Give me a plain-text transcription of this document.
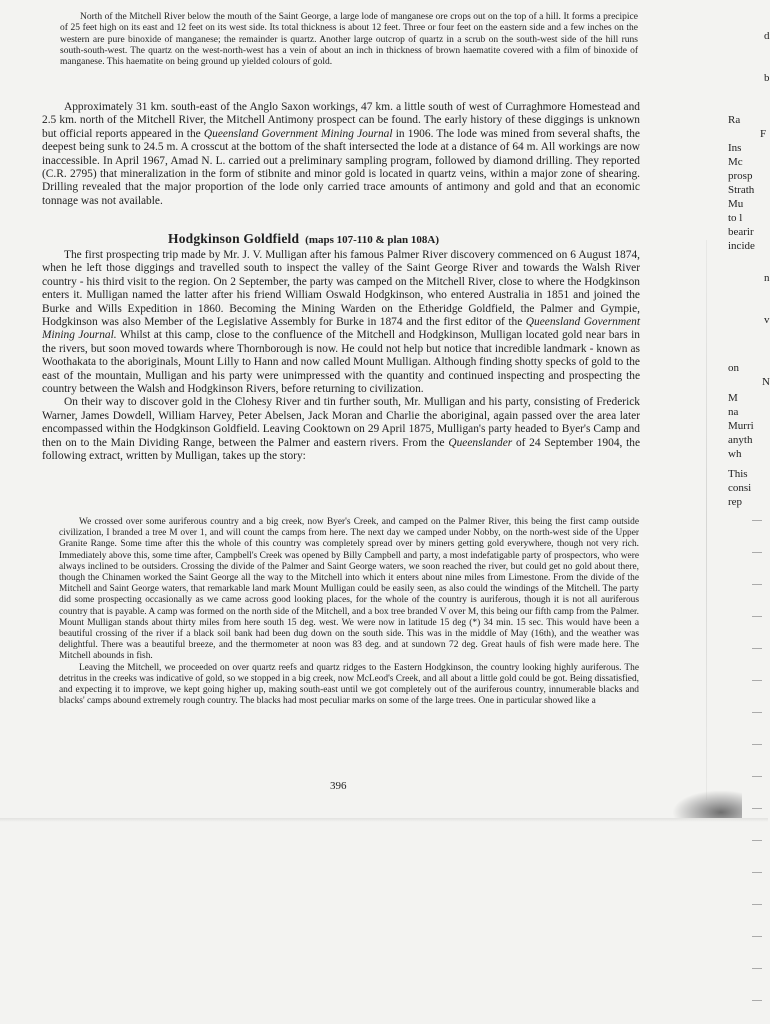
North of the Mitchell River below the mouth of the Saint George, a large lode of manganese ore crops out on the top of a hill. It forms a precipice of 25 feet high on its east and 12 feet on its west side. Its total thickness is about 12 feet. Three or four feet on the eastern side and a few inches on the western are pure binoxide of manganese; the remainder is quartz. Another large outcrop of quartz in a scrub on the south-west side of the hill runs south-south-west. The quartz on the west-north-west has a vein of about an inch in thickness of brown haematite covered with a film of binoxide of manganese. This haematite on being ground up yielded colours of gold.

Approximately 31 km. south-east of the Anglo Saxon workings, 47 km. a little south of west of Curraghmore Homestead and 2.5 km. north of the Mitchell River, the Mitchell Antimony prospect can be found. The early history of these diggings is unknown but official reports appeared in the Queensland Government Mining Journal in 1906. The lode was mined from several shafts, the deepest being sunk to 24.5 m. A crosscut at the bottom of the shaft intersected the lode at a distance of 64 m. All workings are now inaccessible. In April 1967, Amad N. L. carried out a preliminary sampling program, followed by diamond drilling. They reported (C.R. 2795) that mineralization in the form of stibnite and minor gold is located in quartz veins, within a major zone of shearing. Drilling revealed that the major proportion of the lode only carried trace amounts of antimony and gold and that an economic tonnage was not available.

Hodgkinson Goldfield (maps 107-110 & plan 108A)

The first prospecting trip made by Mr. J. V. Mulligan after his famous Palmer River discovery commenced on 6 August 1874, when he left those diggings and travelled south to inspect the valley of the Saint George River and towards the Walsh River country - his third visit to the region. On 2 September, the party was camped on the Mitchell River, close to where the Hodgkinson enters it. Mulligan named the latter after his friend William Oswald Hodgkinson, who entered Australia in 1851 and joined the Burke and Wills Expedition in 1860. Becoming the Mining Warden on the Etheridge Goldfield, the Palmer and Gympie, Hodgkinson was also Member of the Legislative Assembly for Burke in 1874 and the first editor of the Queensland Government Mining Journal. Whilst at this camp, close to the confluence of the Mitchell and Hodgkinson, Mulligan located gold near bars in the rivers, but soon moved towards where Thornborough is now. He could not help but notice that incredible landmark - known as Woothakata to the aboriginals, Mount Lilly to Hann and now called Mount Mulligan. Although finding shotty specks of gold to the east of the mountain, Mulligan and his party were unimpressed with the quantity and continued inspecting and prospecting the country between the Walsh and Hodgkinson Rivers, before returning to civilization.

On their way to discover gold in the Clohesy River and tin further south, Mr. Mulligan and his party, consisting of Frederick Warner, James Dowdell, William Harvey, Peter Abelsen, Jack Moran and Charlie the aboriginal, again passed over the area later encompassed within the Hodgkinson Goldfield. Leaving Cooktown on 29 April 1875, Mulligan's party headed to Byer's Camp and then on to the Main Dividing Range, between the Palmer and eastern rivers. From the Queenslander of 24 September 1904, the following extract, written by Mulligan, takes up the story:

We crossed over some auriferous country and a big creek, now Byer's Creek, and camped on the Palmer River, this being the first camp outside civilization, I branded a tree M over 1, and will count the camps from here. The next day we camped under Nobby, on the north-west side of the Upper Granite Range. Some time after this the whole of this country was completely spread over by miners getting gold everywhere, though not very rich. Immediately above this, some time after, Campbell's Creek was opened by Billy Campbell and party, a most indefatigable party of prospectors, who were always inclined to be outsiders. Crossing the divide of the Palmer and Saint George waters, we soon reached the river, but could get no gold about there, though the Chinamen worked the Saint George all the way to the Mitchell into which it enters about nine miles from Limestone. From the divide of the Mitchell and Saint George waters, that remarkable land mark Mount Mulligan could be easily seen, as also could the windings of the Mitchell. The party did some prospecting occasionally as we came across good looking places, for the whole of the country is auriferous, though it is not all auriferous country that is payable. A camp was formed on the north side of the Mitchell, and a box tree branded V over M, this being our fifth camp from the Palmer. Mount Mulligan stands about thirty miles from here south 15 deg. west. We were now in latitude 15 deg (*) 34 min. 15 sec. This would have been a beautiful crossing of the river if a black soil bank had been dug down on the south side. This was in the middle of May (16th), and the weather was delightful. There was a beautiful breeze, and the thermometer at noon was 83 deg. and at sundown 72 deg. Great hauls of fish were made here. The Mitchell abounds in fish.

Leaving the Mitchell, we proceeded on over quartz reefs and quartz ridges to the Eastern Hodgkinson, the country looking highly auriferous. The detritus in the creeks was indicative of gold, so we stopped in a big creek, now McLeod's Creek, and all about a little gold could be got. Being dissatisfied, and expecting it to improve, we kept going higher up, making south-east until we got completely out of the auriferous country, innumerable blacks and blacks' camps abound extremely rough country. The blacks had most peculiar marks on some of the large trees. One in particular showed like a

396
d
b
Ra
F
Ins
Mc
prosp
Strath
Mu
to l
bearir
incide
n
v
on
N
M
na
Murri
anyth
wh
This
consi
rep
